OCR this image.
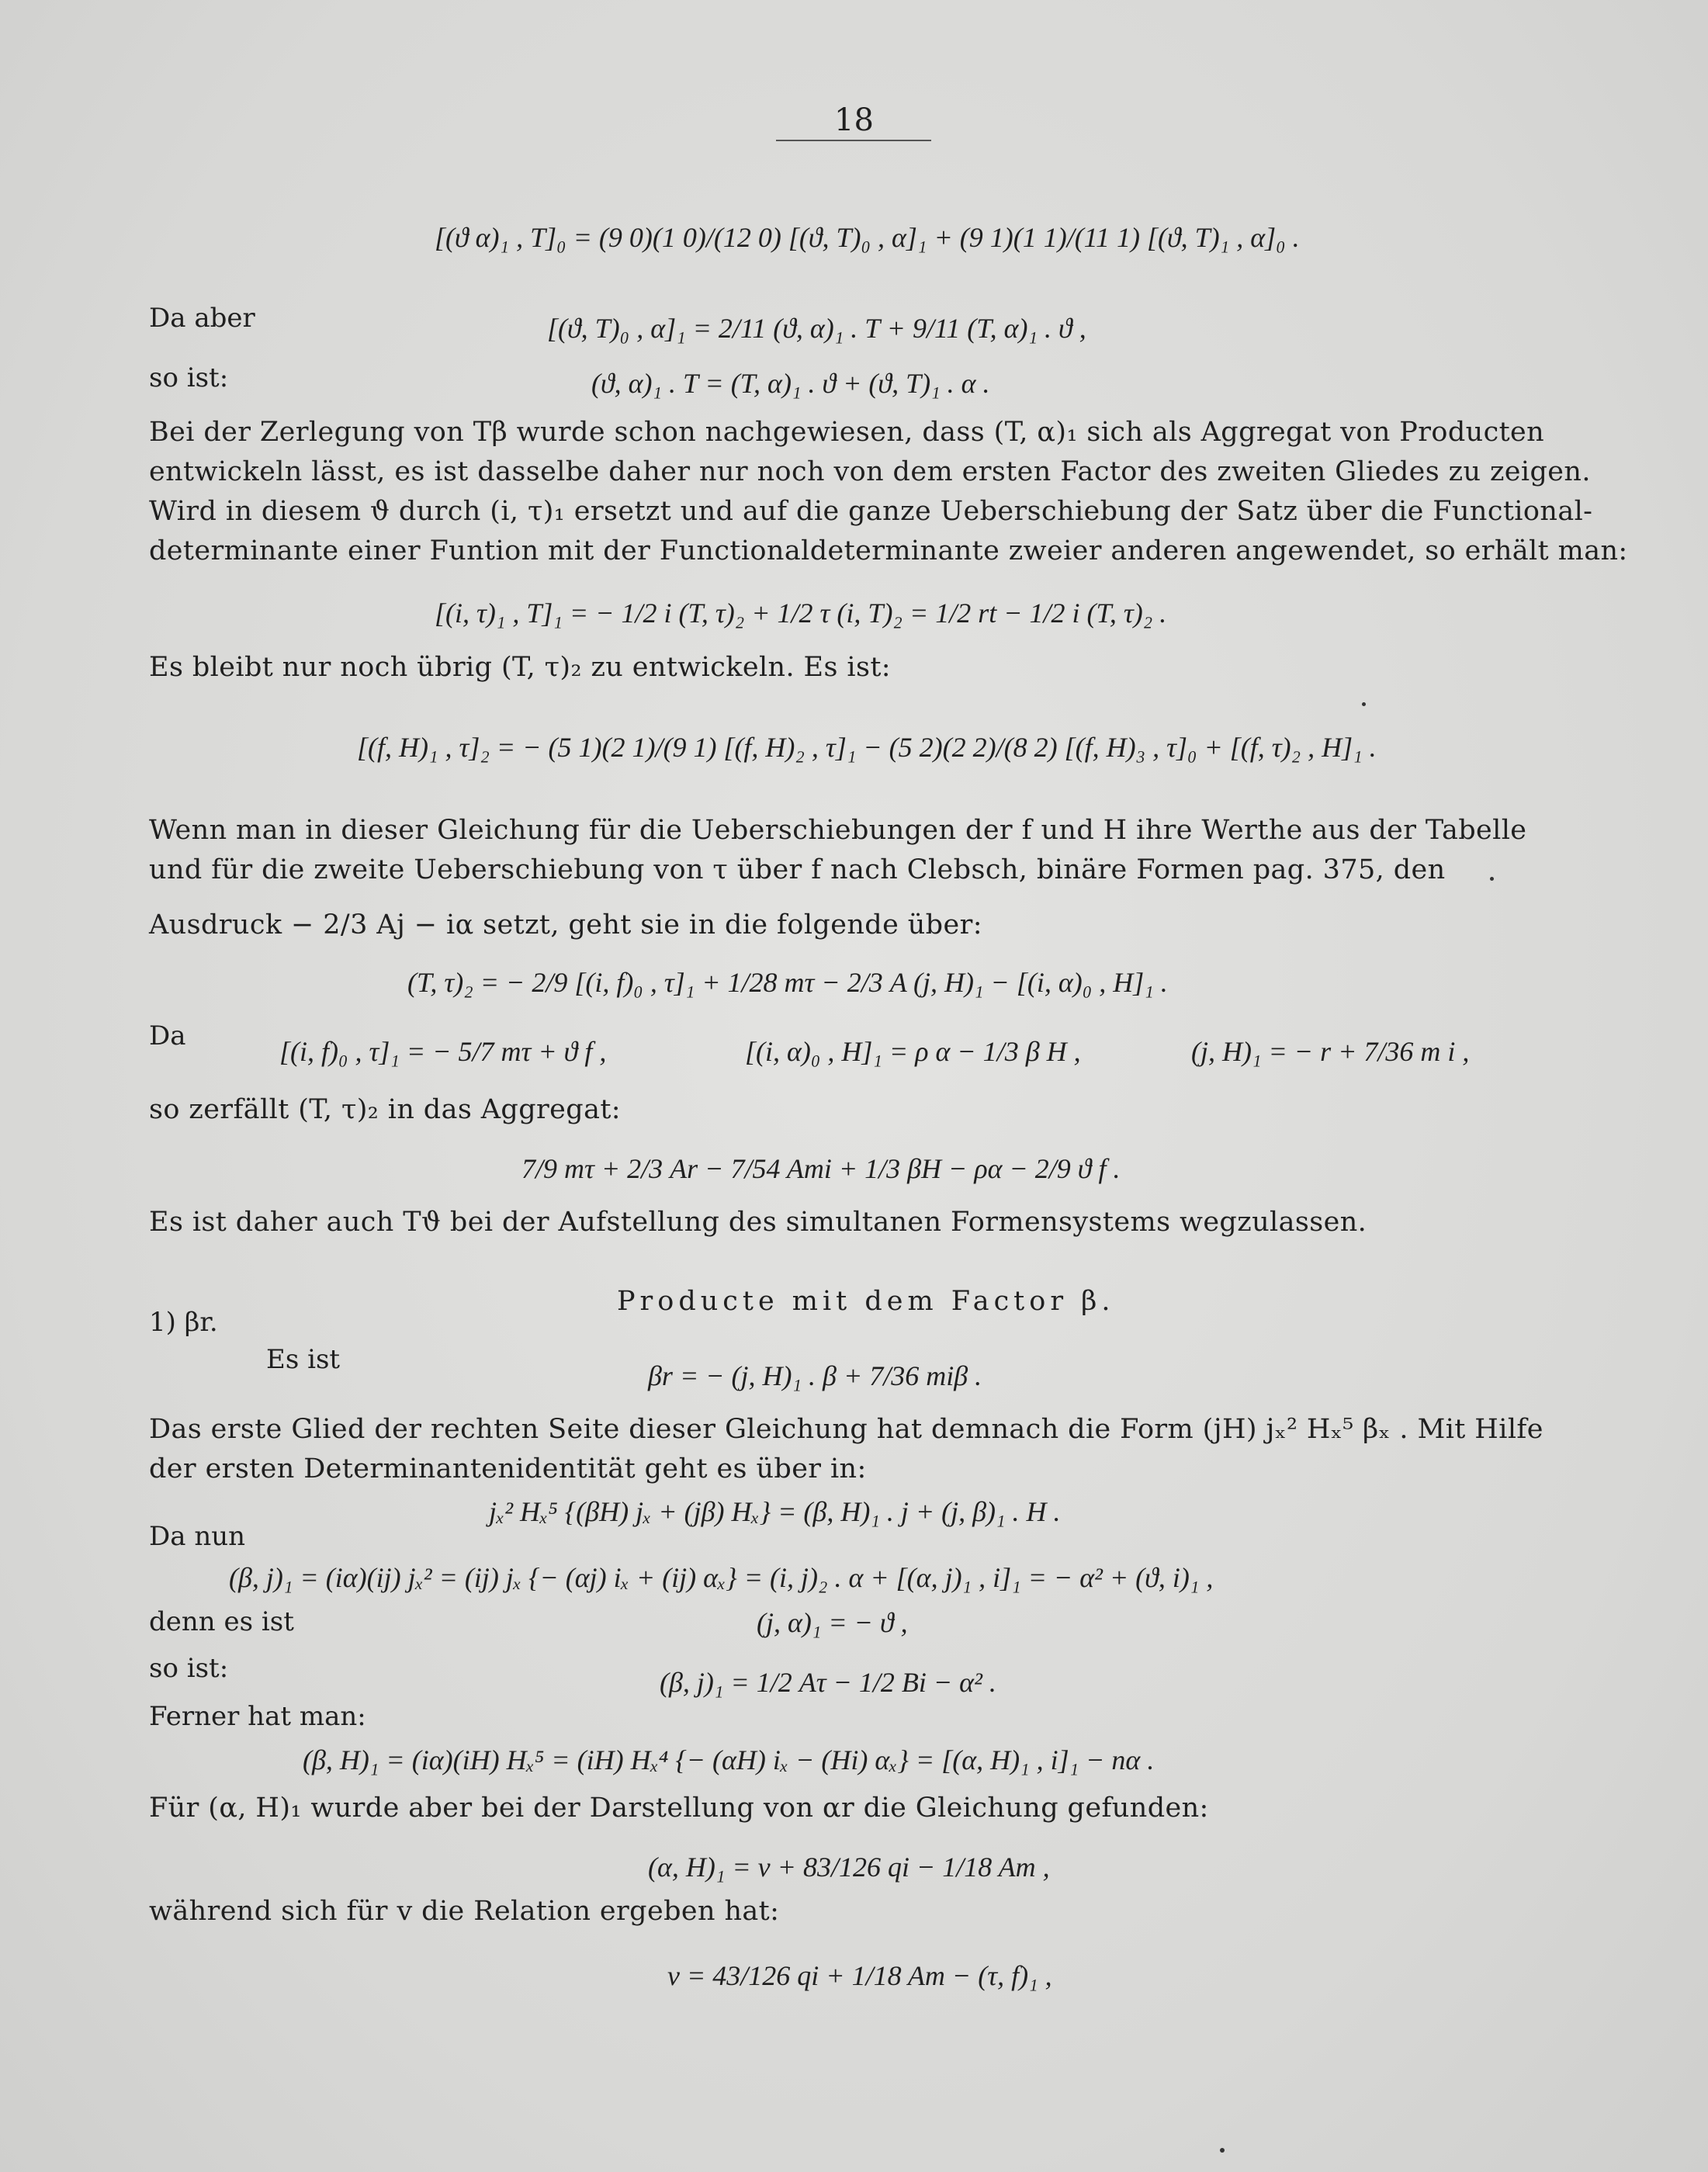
18
[(ϑ α)₁ , T]₀ = (9 0)(1 0)/(12 0) [(ϑ, T)₀ , α]₁ + (9 1)(1 1)/(11 1) [(ϑ, T)₁ , α]₀ .
Da aber	[(ϑ, T)₀ , α]₁ = 2/11 (ϑ, α)₁ . T + 9/11 (T, α)₁ . ϑ ,
so ist:	(ϑ, α)₁ . T = (T, α)₁ . ϑ + (ϑ, T)₁ . α .
Bei der Zerlegung von Tβ wurde schon nachgewiesen, dass (T, α)₁ sich als Aggregat von Producten
entwickeln lässt, es ist dasselbe daher nur noch von dem ersten Factor des zweiten Gliedes zu zeigen.
Wird in diesem ϑ durch (i, τ)₁ ersetzt und auf die ganze Ueberschiebung der Satz über die Functional-
determinante einer Funtion mit der Functionaldeterminante zweier anderen angewendet, so erhält man:
[(i, τ)₁ , T]₁ = − 1/2 i (T, τ)₂ + 1/2 τ (i, T)₂ = 1/2 rt − 1/2 i (T, τ)₂ .
Es bleibt nur noch übrig (T, τ)₂ zu entwickeln. Es ist:
[(f, H)₁ , τ]₂ = − (5 1)(2 1)/(9 1) [(f, H)₂ , τ]₁ − (5 2)(2 2)/(8 2) [(f, H)₃ , τ]₀ + [(f, τ)₂ , H]₁ .
Wenn man in dieser Gleichung für die Ueberschiebungen der f und H ihre Werthe aus der Tabelle
und für die zweite Ueberschiebung von τ über f nach Clebsch, binäre Formen pag. 375, den
Ausdruck − 2/3 Aj − iα setzt, geht sie in die folgende über:
(T, τ)₂ = − 2/9 [(i, f)₀ , τ]₁ + 1/28 mτ − 2/3 A (j, H)₁ − [(i, α)₀ , H]₁ .
Da	[(i, f)₀ , τ]₁ = − 5/7 mτ + ϑ f ,	[(i, α)₀ , H]₁ = ρ α − 1/3 β H ,	(j, H)₁ = − r + 7/36 m i ,
so zerfällt (T, τ)₂ in das Aggregat:
7/9 mτ + 2/3 Ar − 7/54 Ami + 1/3 βH − ρα − 2/9 ϑ f .
Es ist daher auch Tϑ bei der Aufstellung des simultanen Formensystems wegzulassen.
Producte mit dem Factor β.
1) βr.
Es ist
βr = − (j, H)₁ . β + 7/36 miβ .
Das erste Glied der rechten Seite dieser Gleichung hat demnach die Form (jH) jₓ² Hₓ⁵ βₓ . Mit Hilfe
der ersten Determinantenidentität geht es über in:
jₓ² Hₓ⁵ {(βH) jₓ + (jβ) Hₓ} = (β, H)₁ . j + (j, β)₁ . H .
Da nun
(β, j)₁ = (iα)(ij) jₓ² = (ij) jₓ {− (αj) iₓ + (ij) αₓ} = (i, j)₂ . α + [(α, j)₁ , i]₁ = − α² + (ϑ, i)₁ ,
denn es ist	(j, α)₁ = − ϑ ,
so ist:	(β, j)₁ = 1/2 Aτ − 1/2 Bi − α² .
Ferner hat man:
(β, H)₁ = (iα)(iH) Hₓ⁵ = (iH) Hₓ⁴ {− (αH) iₓ − (Hi) αₓ} = [(α, H)₁ , i]₁ − nα .
Für (α, H)₁ wurde aber bei der Darstellung von αr die Gleichung gefunden:
(α, H)₁ = v + 83/126 qi − 1/18 Am ,
während sich für v die Relation ergeben hat:
v = 43/126 qi + 1/18 Am − (τ, f)₁ ,
